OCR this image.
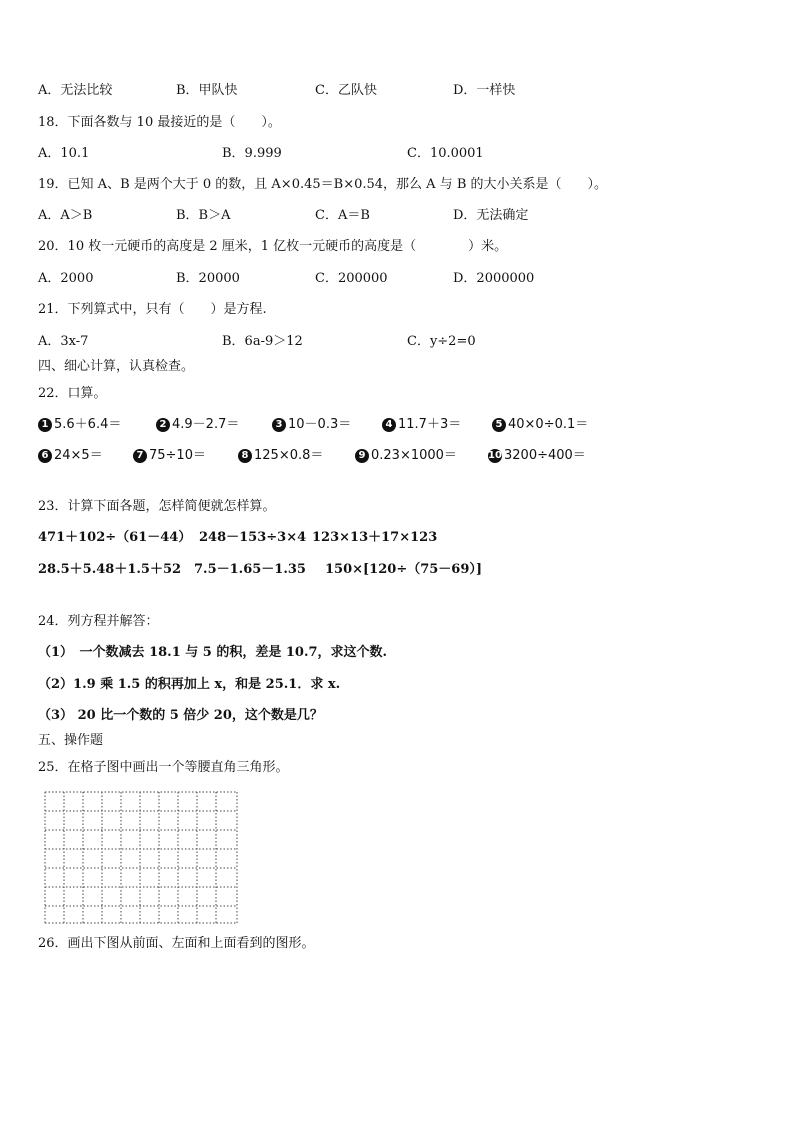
A．无法比较	B．甲队快	C．乙队快	D．一样快
18．下面各数与 10 最接近的是（　　）。
A．10.1	B．9.999	C．10.0001
19．已知 A、B 是两个大于 0 的数，且 A×0.45＝B×0.54，那么 A 与 B 的大小关系是（　　）。
A．A＞B	B．B＞A	C．A＝B	D．无法确定
20．10 枚一元硬币的高度是 2 厘米，1 亿枚一元硬币的高度是（　　　　）米。
A．2000	B．20000	C．200000	D．2000000
21．下列算式中，只有（　　）是方程.
A．3x-7	B．6a-9＞12	C．y÷2=0
四、细心计算，认真检查。
22．口算。
1 5.6＋6.4＝	2 4.9－2.7＝	3 10－0.3＝	4 11.7＋3＝	5 40×0÷0.1＝
6 24×5＝	7 75÷10＝	8 125×0.8＝	9 0.23×1000＝	10 3200÷400＝
23．计算下面各题，怎样简便就怎样算。
471＋102÷（61－44） 248－153÷3×4 123×13＋17×123
28.5＋5.48＋1.5＋52 7.5－1.65－1.35 150×[120÷（75－69）]
24．列方程并解答：
（1）　一个数减去 18.1 与 5 的积，差是 10.7，求这个数.
（2）1.9 乘 1.5 的积再加上 x，和是 25.1．求 x.
（3） 20 比一个数的 5 倍少 20，这个数是几？
五、操作题
25．在格子图中画出一个等腰直角三角形。
26．画出下图从前面、左面和上面看到的图形。
